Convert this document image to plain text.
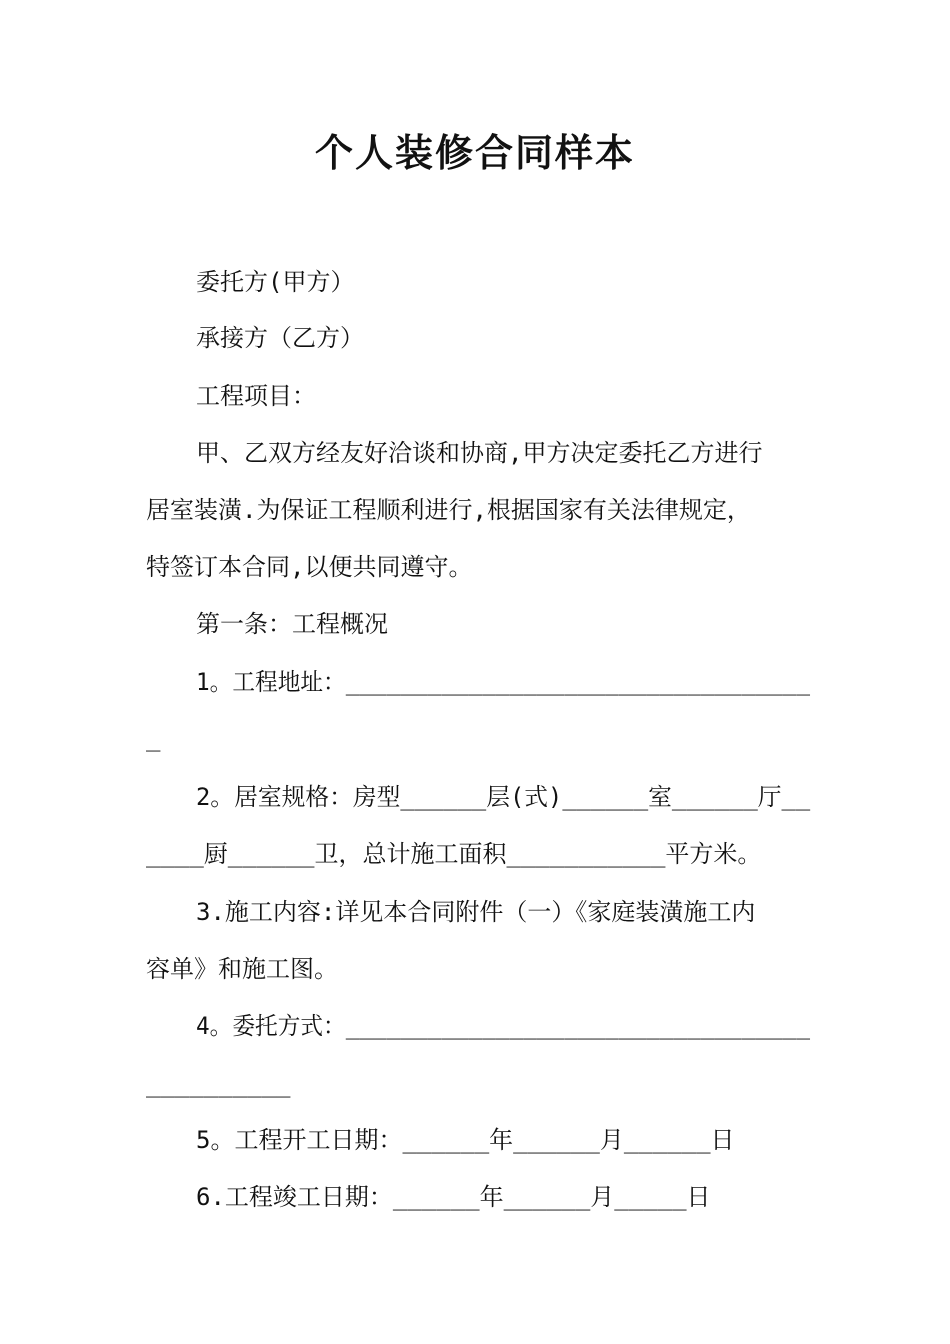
个人装修合同样本
委托方(甲方）
承接方（乙方）
工程项目：
甲、乙双方经友好洽谈和协商,甲方决定委托乙方进行
居室装潢.为保证工程顺利进行,根据国家有关法律规定，
特签订本合同,以便共同遵守。
第一条：工程概况
1。工程地址：__________________________________
_
2。居室规格：房型______层(式)______室______厅__
____厨______卫，总计施工面积___________平方米。
3.施工内容:详见本合同附件（一）《家庭装潢施工内
容单》和施工图。
4。委托方式：__________________________________
__________
5。工程开工日期：______年______月______日
6.工程竣工日期：______年______月_____日
